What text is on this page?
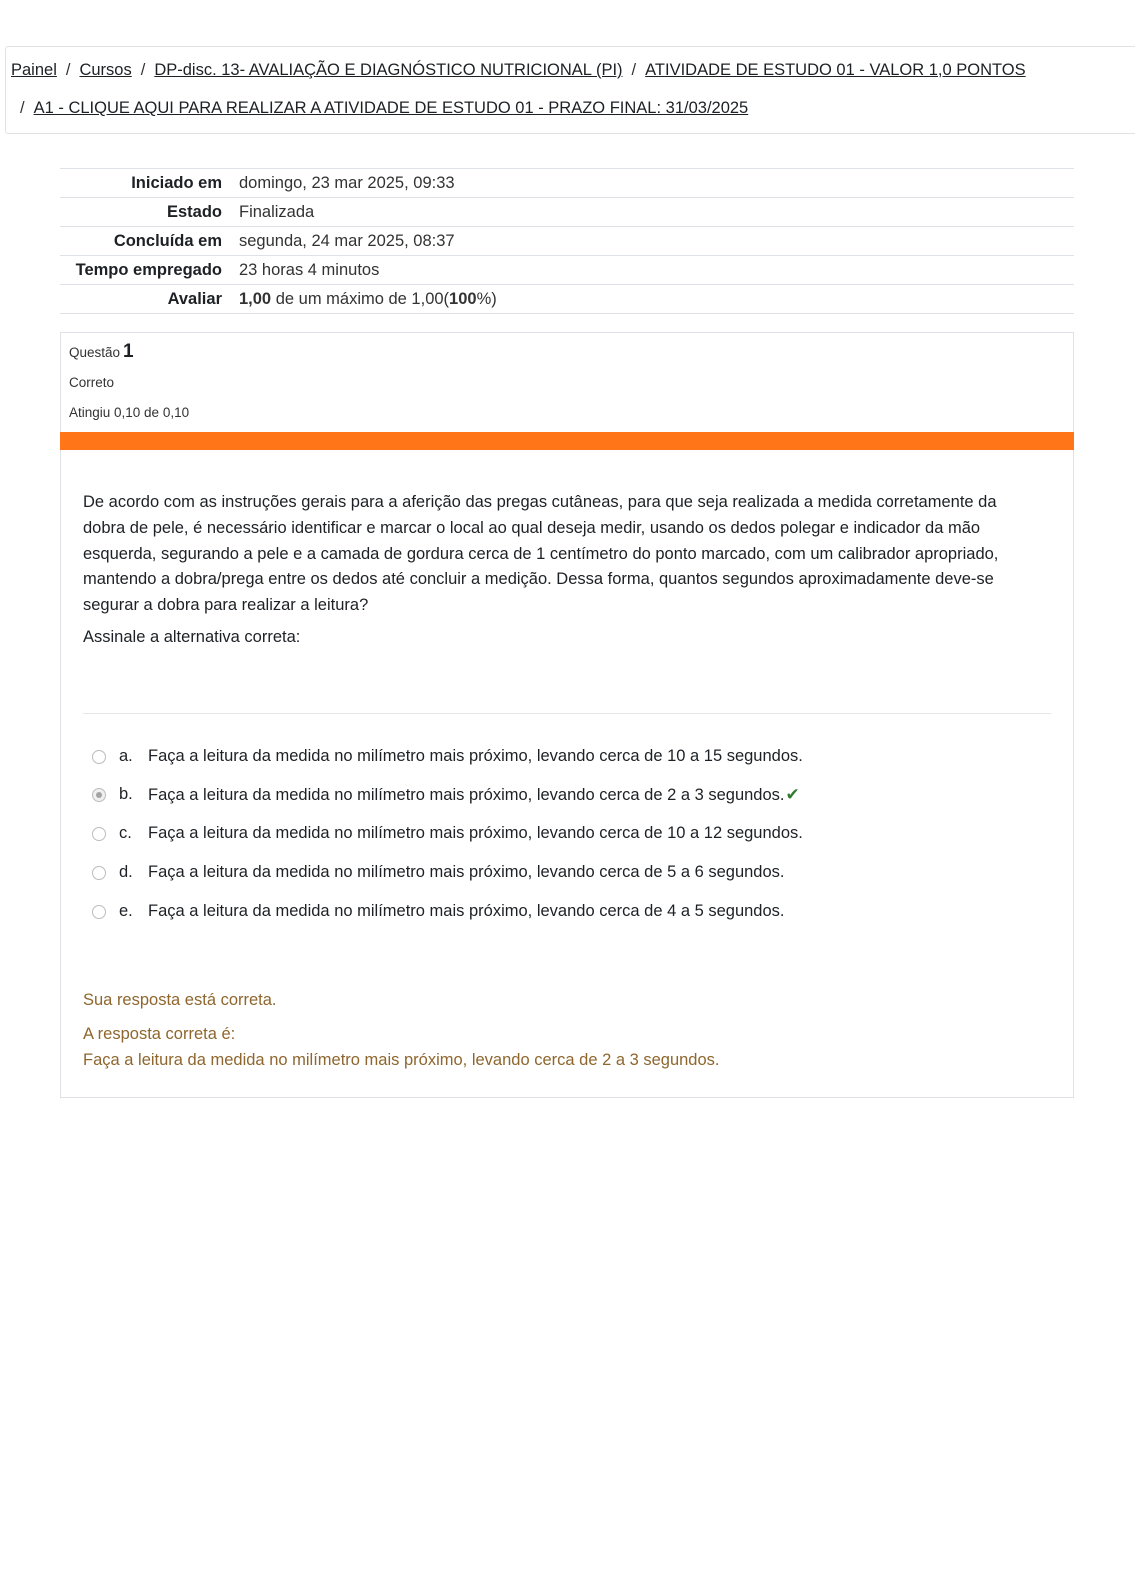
Painel / Cursos / DP-disc. 13- AVALIAÇÃO E DIAGNÓSTICO NUTRICIONAL (PI) / ATIVIDADE DE ESTUDO 01 - VALOR 1,0 PONTOS
/ A1 - CLIQUE AQUI PARA REALIZAR A ATIVIDADE DE ESTUDO 01 - PRAZO FINAL: 31/03/2025
Iniciado em	domingo, 23 mar 2025, 09:33
Estado	Finalizada
Concluída em	segunda, 24 mar 2025, 08:37
Tempo empregado	23 horas 4 minutos
Avaliar	1,00 de um máximo de 1,00(100%)
Questão 1
Correto
Atingiu 0,10 de 0,10
De acordo com as instruções gerais para a aferição das pregas cutâneas, para que seja realizada a medida corretamente da dobra de pele, é necessário identificar e marcar o local ao qual deseja medir, usando os dedos polegar e indicador da mão esquerda, segurando a pele e a camada de gordura cerca de 1 centímetro do ponto marcado, com um calibrador apropriado, mantendo a dobra/prega entre os dedos até concluir a medição. Dessa forma, quantos segundos aproximadamente deve-se segurar a dobra para realizar a leitura?
Assinale a alternativa correta:
a. Faça a leitura da medida no milímetro mais próximo, levando cerca de 10 a 15 segundos.
b. Faça a leitura da medida no milímetro mais próximo, levando cerca de 2 a 3 segundos.✔
c. Faça a leitura da medida no milímetro mais próximo, levando cerca de 10 a 12 segundos.
d. Faça a leitura da medida no milímetro mais próximo, levando cerca de 5 a 6 segundos.
e. Faça a leitura da medida no milímetro mais próximo, levando cerca de 4 a 5 segundos.
Sua resposta está correta.
A resposta correta é:
Faça a leitura da medida no milímetro mais próximo, levando cerca de 2 a 3 segundos.
